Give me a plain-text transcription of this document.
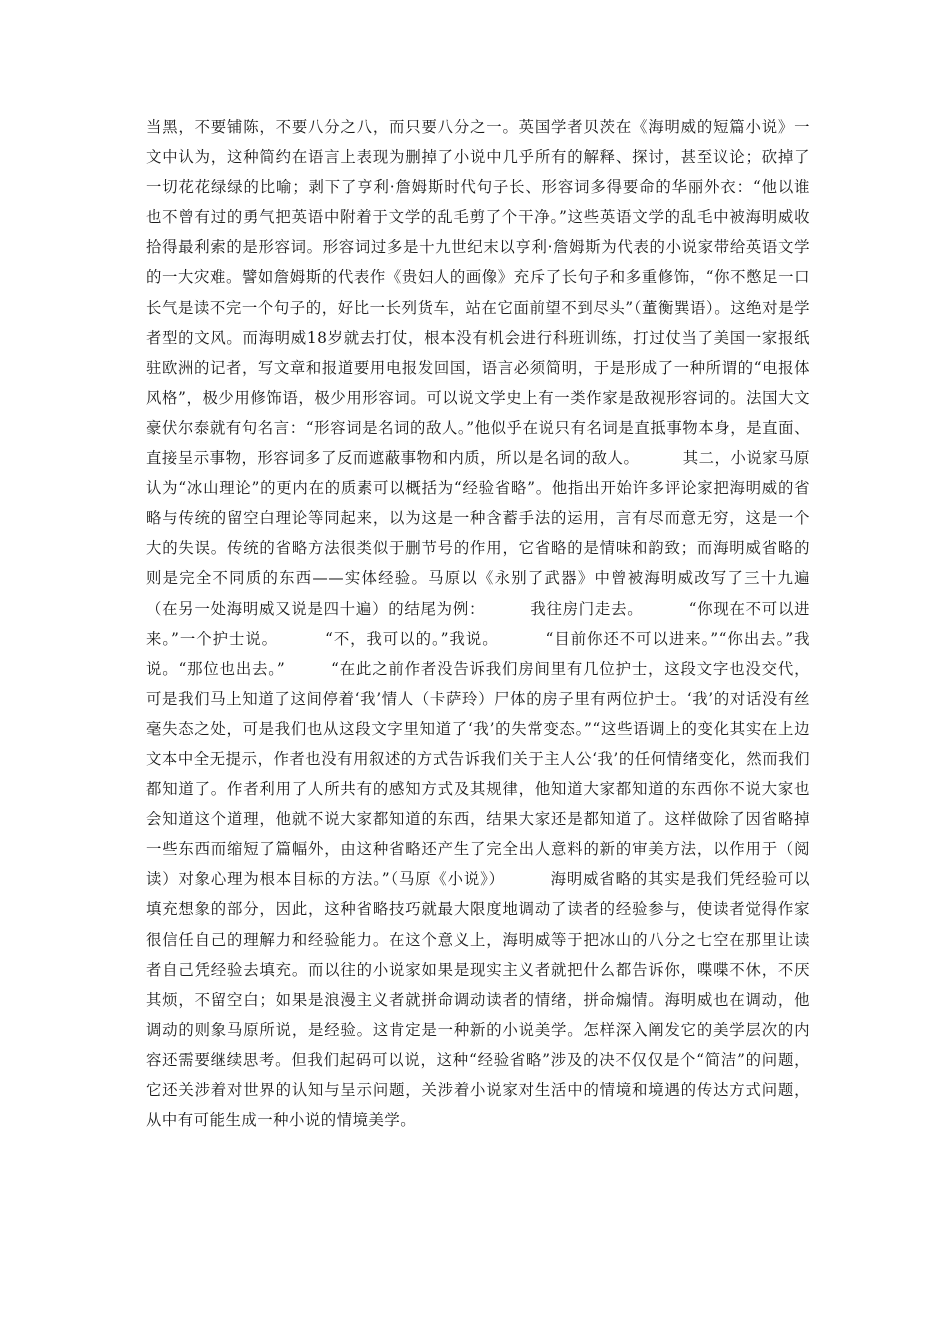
当黑，不要铺陈，不要八分之八，而只要八分之一。英国学者贝茨在《海明威的短篇小说》一文中认为，这种简约在语言上表现为删掉了小说中几乎所有的解释、探讨，甚至议论；砍掉了一切花花绿绿的比喻；剥下了亨利·詹姆斯时代句子长、形容词多得要命的华丽外衣：“他以谁也不曾有过的勇气把英语中附着于文学的乱毛剪了个干净。”这些英语文学的乱毛中被海明威收拾得最利索的是形容词。形容词过多是十九世纪末以亨利·詹姆斯为代表的小说家带给英语文学的一大灾难。譬如詹姆斯的代表作《贵妇人的画像》充斥了长句子和多重修饰，“你不憋足一口长气是读不完一个句子的，好比一长列货车，站在它面前望不到尽头”（董衡巽语）。这绝对是学者型的文风。而海明威18岁就去打仗，根本没有机会进行科班训练，打过仗当了美国一家报纸驻欧洲的记者，写文章和报道要用电报发回国，语言必须简明，于是形成了一种所谓的“电报体风格”，极少用修饰语，极少用形容词。可以说文学史上有一类作家是敌视形容词的。法国大文豪伏尔泰就有句名言：“形容词是名词的敌人。”他似乎在说只有名词是直抵事物本身，是直面、直接呈示事物，形容词多了反而遮蔽事物和内质，所以是名词的敌人。        其二，小说家马原认为“冰山理论”的更内在的质素可以概括为“经验省略”。他指出开始许多评论家把海明威的省略与传统的留空白理论等同起来，以为这是一种含蓄手法的运用，言有尽而意无穷，这是一个大的失误。传统的省略方法很类似于删节号的作用，它省略的是情味和韵致；而海明威省略的则是完全不同质的东西——实体经验。马原以《永别了武器》中曾被海明威改写了三十九遍（在另一处海明威又说是四十遍）的结尾为例：        我往房门走去。        “你现在不可以进来。”一个护士说。        “不，我可以的。”我说。        “目前你还不可以进来。”“你出去。”我说。“那位也出去。”        “在此之前作者没告诉我们房间里有几位护士，这段文字也没交代，可是我们马上知道了这间停着‘我’情人（卡萨玲）尸体的房子里有两位护士。‘我’的对话没有丝毫失态之处，可是我们也从这段文字里知道了‘我’的失常变态。”“这些语调上的变化其实在上边文本中全无提示，作者也没有用叙述的方式告诉我们关于主人公‘我’的任何情绪变化，然而我们都知道了。作者利用了人所共有的感知方式及其规律，他知道大家都知道的东西你不说大家也会知道这个道理，他就不说大家都知道的东西，结果大家还是都知道了。这样做除了因省略掉一些东西而缩短了篇幅外，由这种省略还产生了完全出人意料的新的审美方法，以作用于（阅读）对象心理为根本目标的方法。”（马原《小说》）        海明威省略的其实是我们凭经验可以填充想象的部分，因此，这种省略技巧就最大限度地调动了读者的经验参与，使读者觉得作家很信任自己的理解力和经验能力。在这个意义上，海明威等于把冰山的八分之七空在那里让读者自己凭经验去填充。而以往的小说家如果是现实主义者就把什么都告诉你，喋喋不休，不厌其烦，不留空白；如果是浪漫主义者就拼命调动读者的情绪，拼命煽情。海明威也在调动，他调动的则象马原所说，是经验。这肯定是一种新的小说美学。怎样深入阐发它的美学层次的内容还需要继续思考。但我们起码可以说，这种“经验省略”涉及的决不仅仅是个“简洁”的问题，它还关涉着对世界的认知与呈示问题，关涉着小说家对生活中的情境和境遇的传达方式问题，从中有可能生成一种小说的情境美学。
